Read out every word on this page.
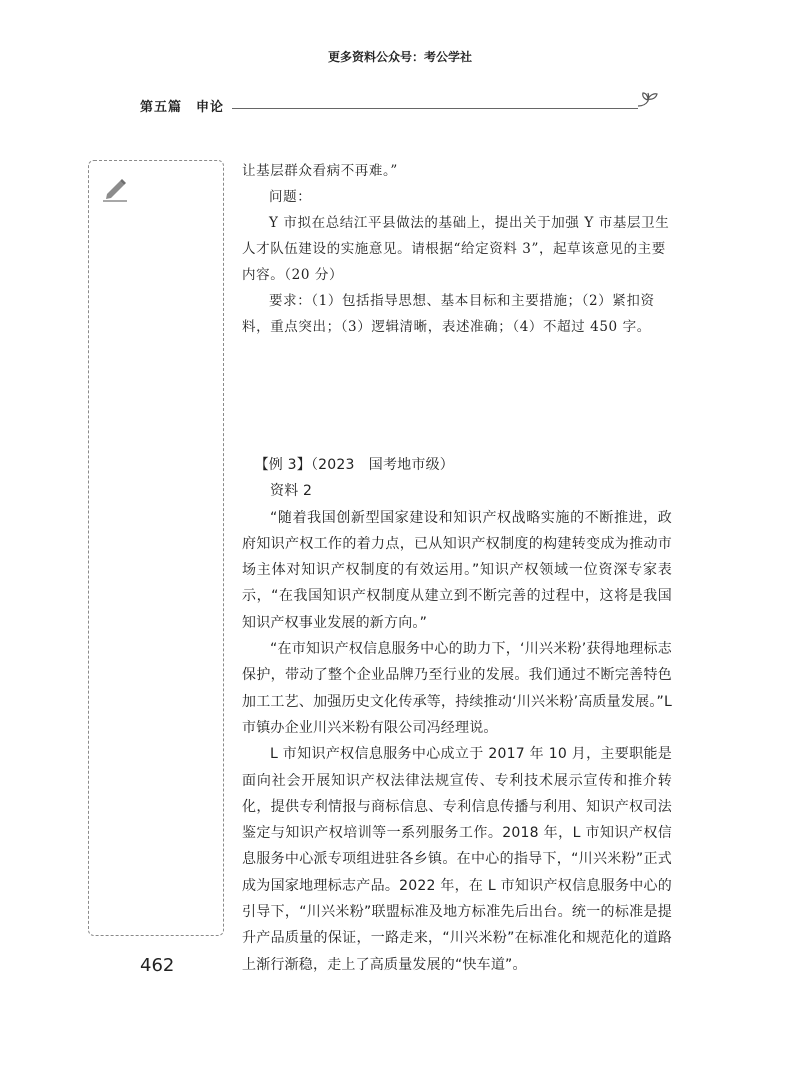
更多资料公众号：考公学社
第五篇　申论

让基层群众看病不再难。”

问题：

Y 市拟在总结江平县做法的基础上，提出关于加强 Y 市基层卫生人才队伍建设的实施意见。请根据“给定资料 3”，起草该意见的主要内容。（20 分）

要求：（1）包括指导思想、基本目标和主要措施；（2）紧扣资料，重点突出；（3）逻辑清晰，表述准确；（4）不超过 450 字。

【例 3】（2023　国考地市级）

资料 2

“随着我国创新型国家建设和知识产权战略实施的不断推进，政府知识产权工作的着力点，已从知识产权制度的构建转变成为推动市场主体对知识产权制度的有效运用。”知识产权领域一位资深专家表示，“在我国知识产权制度从建立到不断完善的过程中，这将是我国知识产权事业发展的新方向。”

“在市知识产权信息服务中心的助力下，‘川兴米粉’获得地理标志保护，带动了整个企业品牌乃至行业的发展。我们通过不断完善特色加工工艺、加强历史文化传承等，持续推动‘川兴米粉’高质量发展。”L 市镇办企业川兴米粉有限公司冯经理说。

L 市知识产权信息服务中心成立于 2017 年 10 月，主要职能是面向社会开展知识产权法律法规宣传、专利技术展示宣传和推介转化，提供专利情报与商标信息、专利信息传播与利用、知识产权司法鉴定与知识产权培训等一系列服务工作。2018 年，L 市知识产权信息服务中心派专项组进驻各乡镇。在中心的指导下，“川兴米粉”正式成为国家地理标志产品。2022 年，在 L 市知识产权信息服务中心的引导下，“川兴米粉”联盟标准及地方标准先后出台。统一的标准是提升产品质量的保证，一路走来，“川兴米粉”在标准化和规范化的道路上渐行渐稳，走上了高质量发展的“快车道”。

462
